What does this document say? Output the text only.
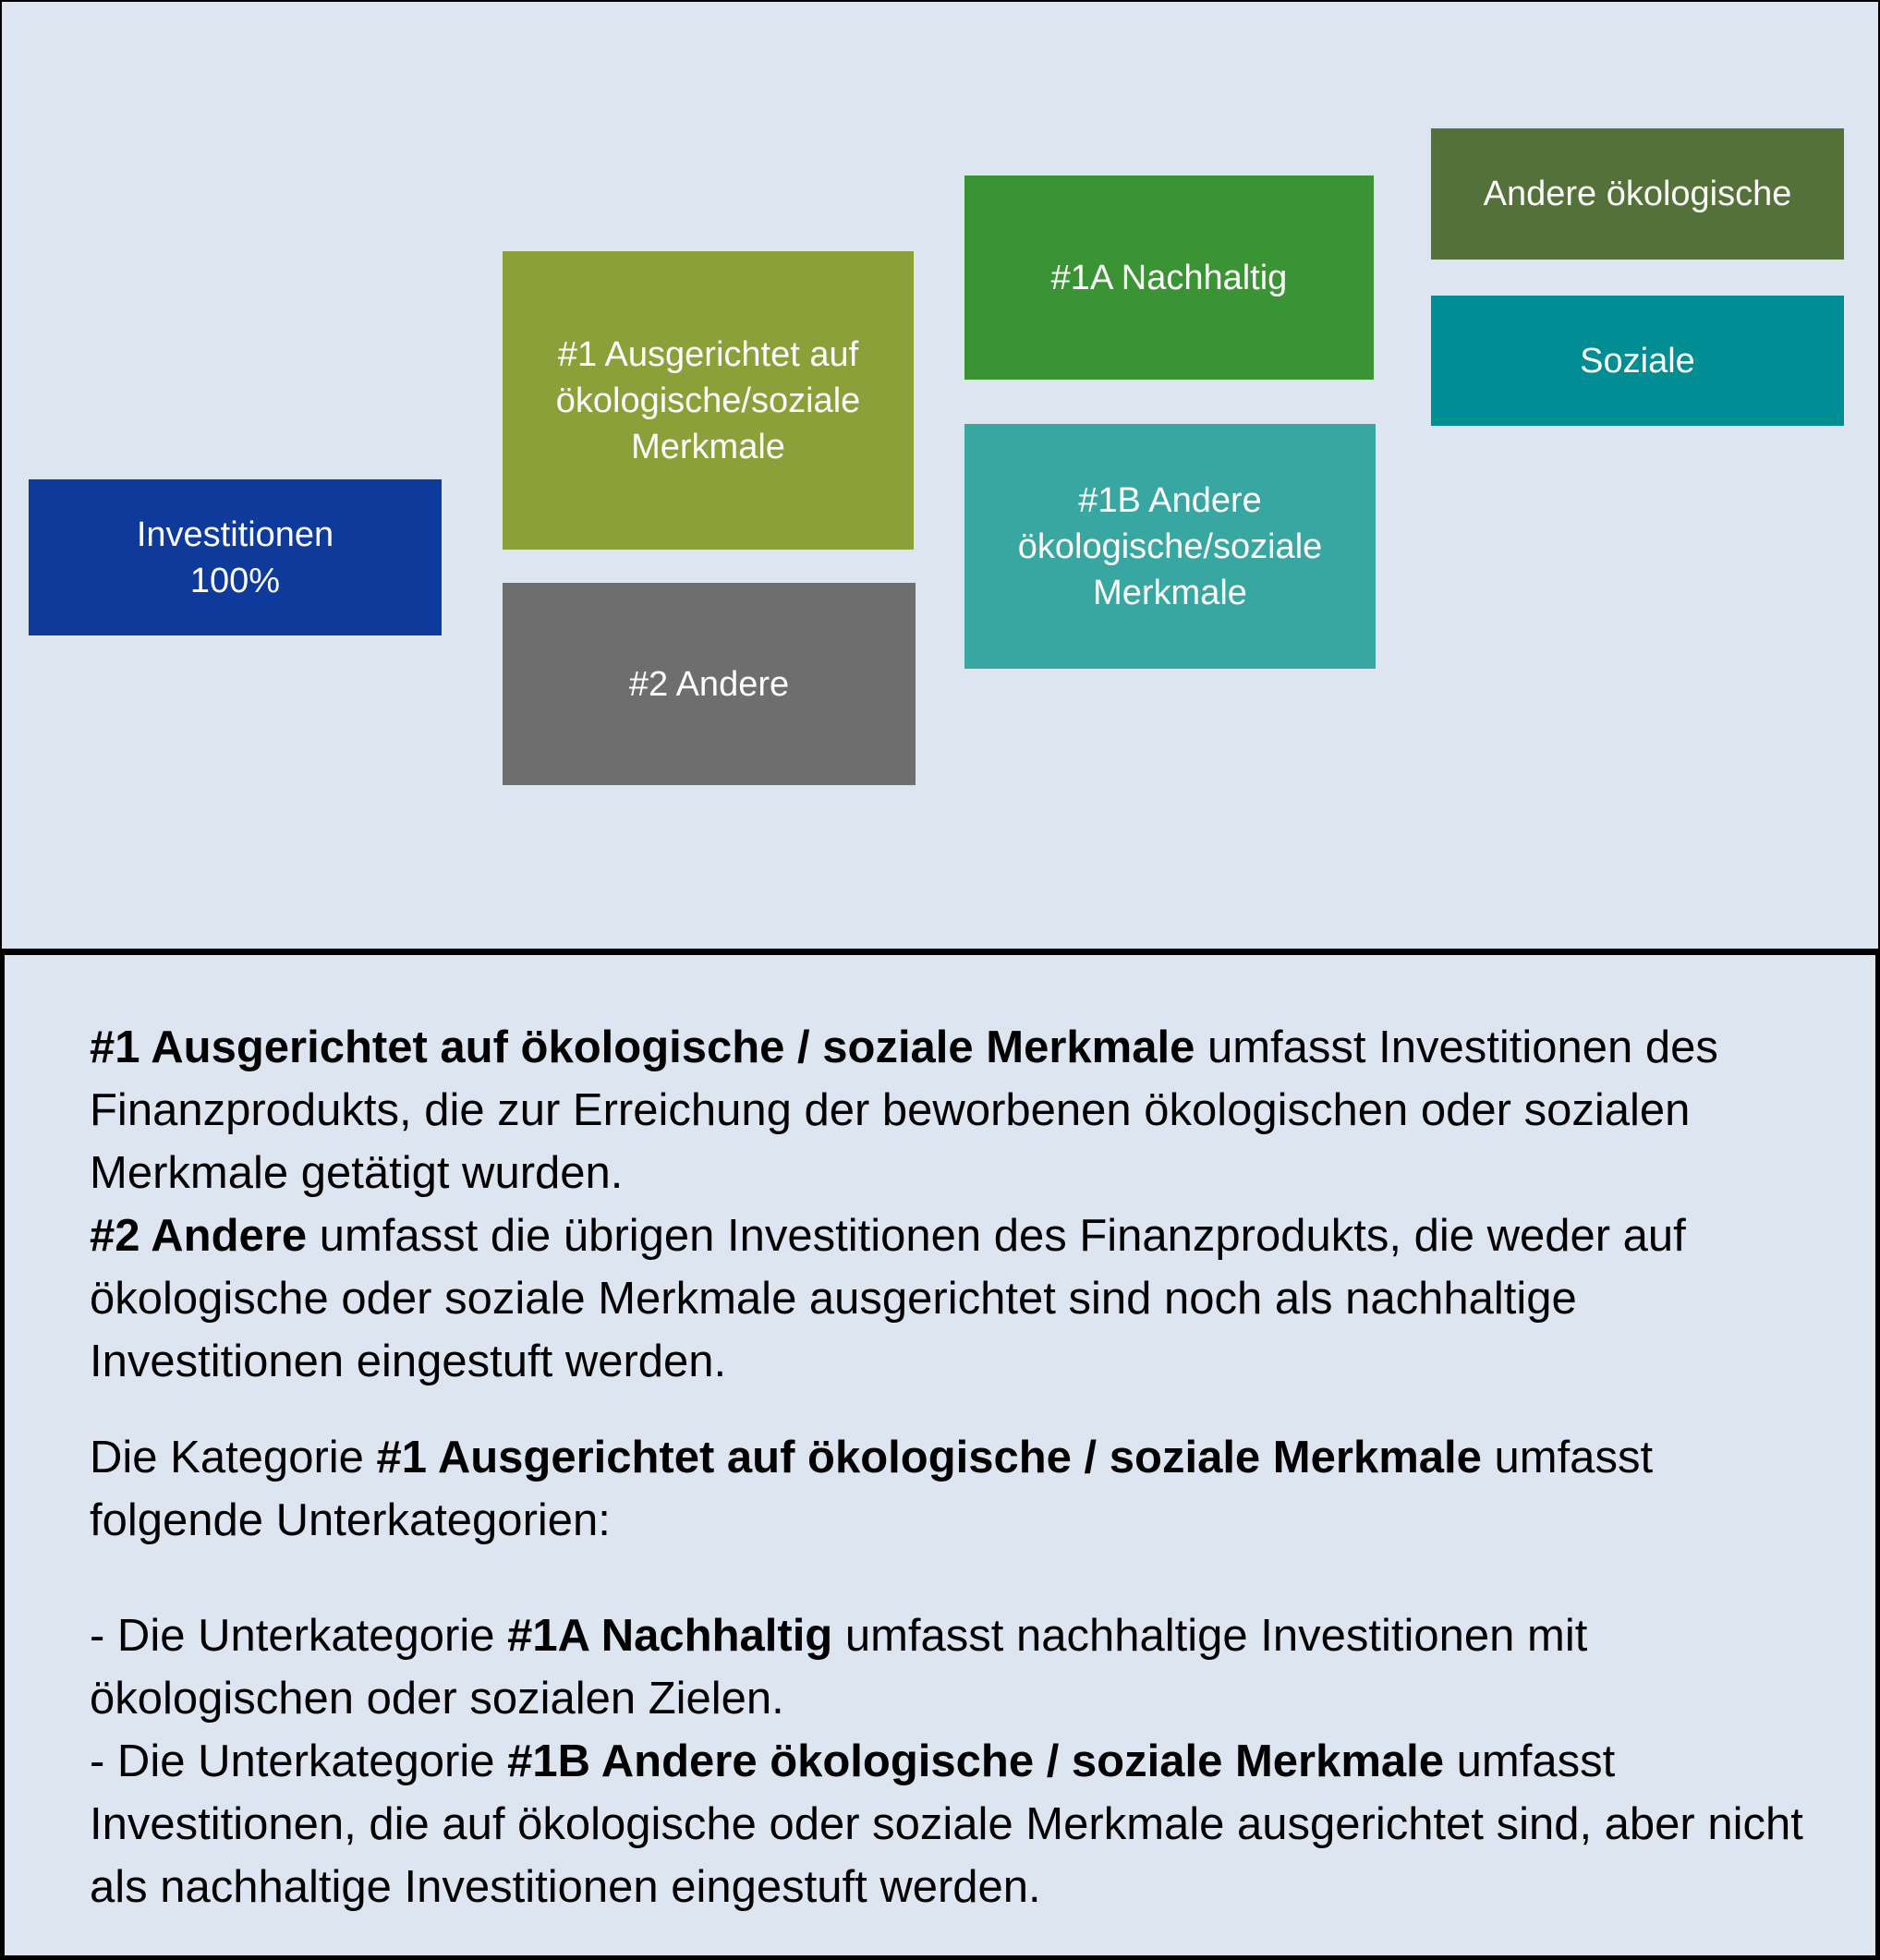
Investitionen
100%
#1 Ausgerichtet auf
ökologische/soziale
Merkmale
#2 Andere
#1A Nachhaltig
#1B Andere
ökologische/soziale
Merkmale
Andere ökologische
Soziale
#1 Ausgerichtet auf ökologische / soziale Merkmale umfasst Investitionen des
Finanzprodukts, die zur Erreichung der beworbenen ökologischen oder sozialen
Merkmale getätigt wurden.
#2 Andere umfasst die übrigen Investitionen des Finanzprodukts, die weder auf
ökologische oder soziale Merkmale ausgerichtet sind noch als nachhaltige
Investitionen eingestuft werden.
Die Kategorie #1 Ausgerichtet auf ökologische / soziale Merkmale umfasst
folgende Unterkategorien:
- Die Unterkategorie #1A Nachhaltig umfasst nachhaltige Investitionen mit
ökologischen oder sozialen Zielen.
- Die Unterkategorie #1B Andere ökologische / soziale Merkmale umfasst
Investitionen, die auf ökologische oder soziale Merkmale ausgerichtet sind, aber nicht
als nachhaltige Investitionen eingestuft werden.
